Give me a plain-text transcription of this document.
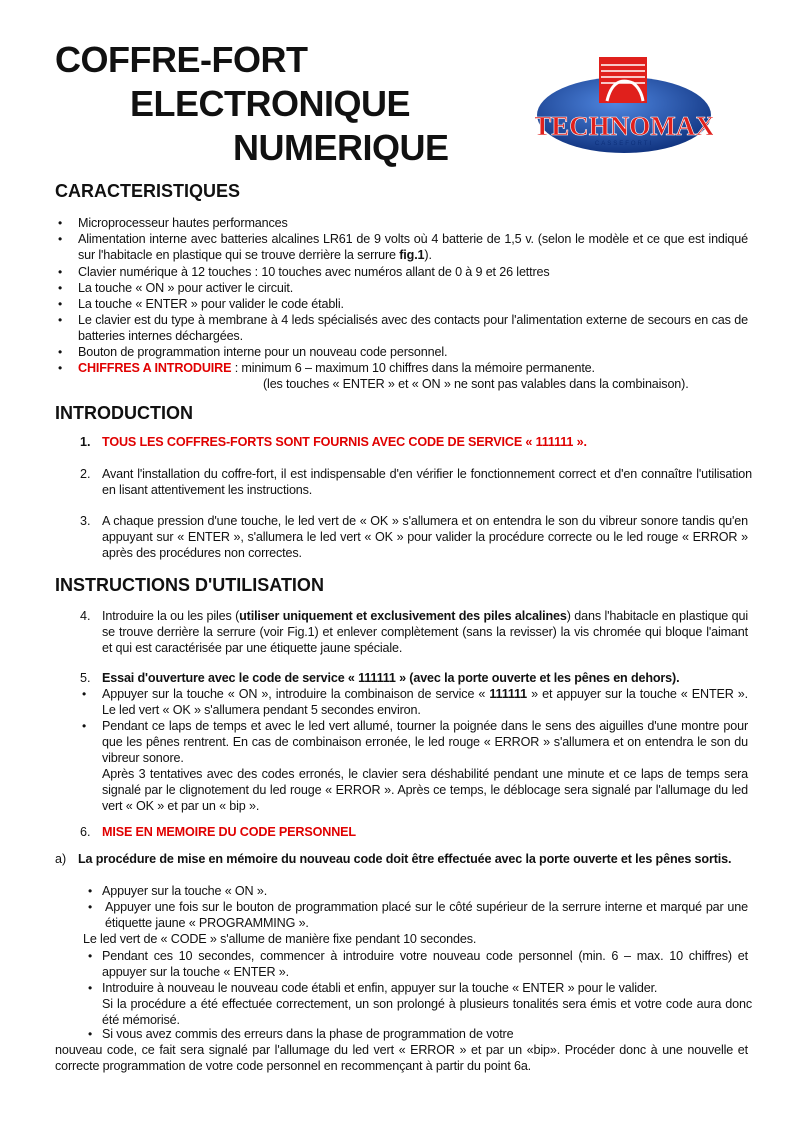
COFFRE-FORT
ELECTRONIQUE
NUMERIQUE
TECHNOMAX
CASSEFORTI
CARACTERISTIQUES
•	Microprocesseur hautes performances
•	Alimentation interne avec batteries alcalines LR61 de 9 volts où 4 batterie de 1,5 v. (selon le modèle et ce que est indiqué sur l'habitacle en plastique qui se trouve derrière la serrure fig.1).
•	Clavier numérique à 12 touches : 10 touches avec numéros allant de 0 à 9 et 26 lettres
•	La touche « ON » pour activer le circuit.
•	La touche « ENTER » pour valider le code établi.
•	Le clavier est du type à membrane à 4 leds spécialisés avec des contacts pour l'alimentation externe de secours en cas de batteries internes déchargées.
•	Bouton de programmation interne pour un nouveau code personnel.
•	CHIFFRES A INTRODUIRE : minimum 6 – maximum 10 chiffres dans la mémoire permanente.
(les touches « ENTER » et « ON » ne sont pas valables dans la combinaison).
INTRODUCTION
1. TOUS LES COFFRES-FORTS SONT FOURNIS AVEC CODE DE SERVICE « 111111 ».
2. Avant l'installation du coffre-fort, il est indispensable d'en vérifier le fonctionnement correct et d'en connaître l'utilisation en lisant attentivement les instructions.
3. A chaque pression d'une touche, le led vert de « OK » s'allumera et on entendra le son du vibreur sonore tandis qu'en appuyant sur « ENTER », s'allumera le led vert « OK » pour valider la procédure correcte ou le led rouge « ERROR » après des procédures non correctes.
INSTRUCTIONS D'UTILISATION
4. Introduire la ou les piles (utiliser uniquement et exclusivement des piles alcalines) dans l'habitacle en plastique qui se trouve derrière la serrure (voir Fig.1) et enlever complètement (sans la revisser) la vis chromée qui bloque l'aimant et qui est caractérisée par une étiquette jaune spéciale.
5. Essai d'ouverture avec le code de service « 111111 » (avec la porte ouverte et les pênes en dehors).
•	Appuyer sur la touche « ON », introduire la combinaison de service « 111111 » et appuyer sur la touche « ENTER ». Le led vert « OK » s'allumera pendant 5 secondes environ.
•	Pendant ce laps de temps et avec le led vert allumé, tourner la poignée dans le sens des aiguilles d'une montre pour que les pênes rentrent. En cas de combinaison erronée, le led rouge « ERROR » s'allumera et on entendra le son du vibreur sonore.
Après 3 tentatives avec des codes erronés, le clavier sera déshabilité pendant une minute et ce laps de temps sera signalé par le clignotement du led rouge « ERROR ». Après ce temps, le déblocage sera signalé par l'allumage du led vert « OK » et par un « bip ».
6. MISE EN MEMOIRE DU CODE PERSONNEL
a) La procédure de mise en mémoire du nouveau code doit être effectuée avec la porte ouverte et les pênes sortis.
• Appuyer sur la touche « ON ».
•	Appuyer une fois sur le bouton de programmation placé sur le côté supérieur de la serrure interne et marqué par une étiquette jaune « PROGRAMMING ».
Le led vert de « CODE » s'allume de manière fixe pendant 10 secondes.
• Pendant ces 10 secondes, commencer à introduire votre nouveau code personnel (min. 6 – max. 10 chiffres) et appuyer sur la touche « ENTER ».
• Introduire à nouveau le nouveau code établi et enfin, appuyer sur la touche « ENTER » pour le valider.
Si la procédure a été effectuée correctement, un son prolongé à plusieurs tonalités sera émis et votre code aura donc été mémorisé.
• Si vous avez commis des erreurs dans la phase de programmation de votre
nouveau code, ce fait sera signalé par l'allumage du led vert « ERROR » et par un «bip». Procéder donc à une nouvelle et correcte programmation de votre code personnel en recommençant à partir du point 6a.
